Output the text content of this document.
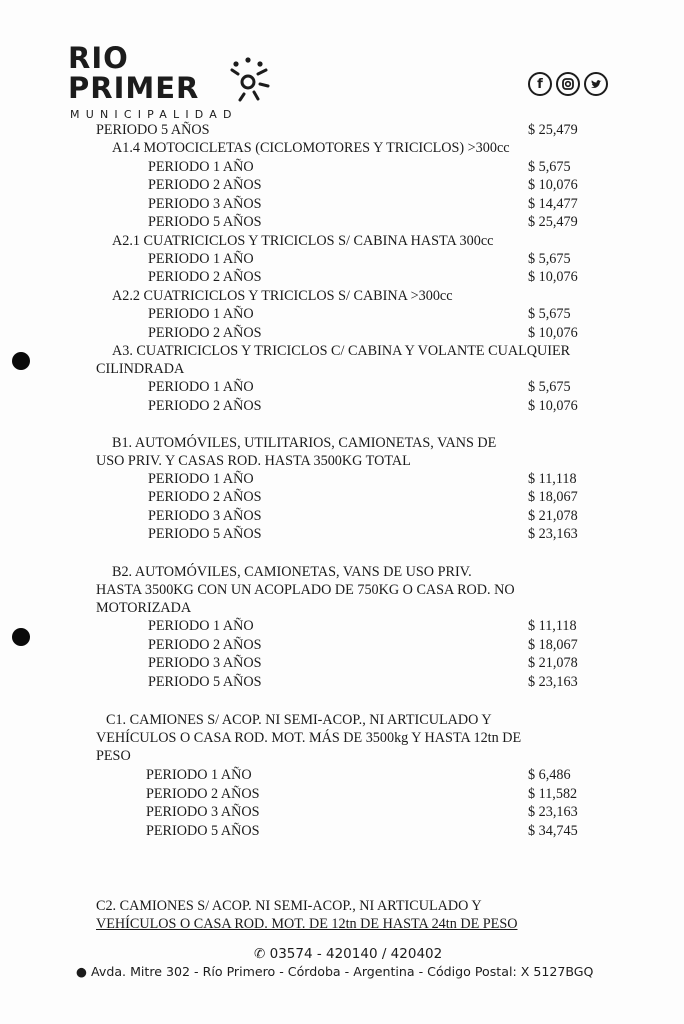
RIO
PRIMER
MUNICIPALIDAD
f
PERIODO 5 AÑOS	$ 25,479
A1.4 MOTOCICLETAS (CICLOMOTORES Y TRICICLOS) >300cc
PERIODO 1 AÑO	$ 5,675
PERIODO 2 AÑOS	$ 10,076
PERIODO 3 AÑOS	$ 14,477
PERIODO 5 AÑOS	$ 25,479
A2.1 CUATRICICLOS Y TRICICLOS S/ CABINA HASTA 300cc
PERIODO 1 AÑO	$ 5,675
PERIODO 2 AÑOS	$ 10,076
A2.2 CUATRICICLOS Y TRICICLOS S/ CABINA >300cc
PERIODO 1 AÑO	$ 5,675
PERIODO 2 AÑOS	$ 10,076
A3. CUATRICICLOS Y TRICICLOS C/ CABINA Y VOLANTE CUALQUIER
CILINDRADA
PERIODO 1 AÑO	$ 5,675
PERIODO 2 AÑOS	$ 10,076
B1. AUTOMÓVILES, UTILITARIOS, CAMIONETAS, VANS DE
USO PRIV. Y CASAS ROD. HASTA 3500KG TOTAL
PERIODO 1 AÑO	$ 11,118
PERIODO 2 AÑOS	$ 18,067
PERIODO 3 AÑOS	$ 21,078
PERIODO 5 AÑOS	$ 23,163
B2. AUTOMÓVILES, CAMIONETAS, VANS DE USO PRIV.
HASTA 3500KG CON UN ACOPLADO DE 750KG O CASA ROD. NO
MOTORIZADA
PERIODO 1 AÑO	$ 11,118
PERIODO 2 AÑOS	$ 18,067
PERIODO 3 AÑOS	$ 21,078
PERIODO 5 AÑOS	$ 23,163
C1. CAMIONES S/ ACOP. NI SEMI-ACOP., NI ARTICULADO Y
VEHÍCULOS O CASA ROD. MOT. MÁS DE 3500kg Y HASTA 12tn DE
PESO
PERIODO 1 AÑO	$ 6,486
PERIODO 2 AÑOS	$ 11,582
PERIODO 3 AÑOS	$ 23,163
PERIODO 5 AÑOS	$ 34,745
C2. CAMIONES S/ ACOP. NI SEMI-ACOP., NI ARTICULADO Y
VEHÍCULOS O CASA ROD. MOT. DE 12tn DE HASTA 24tn DE PESO
✆ 03574 - 420140 / 420402
● Avda. Mitre 302 - Río Primero - Córdoba - Argentina - Código Postal: X 5127BGQ
